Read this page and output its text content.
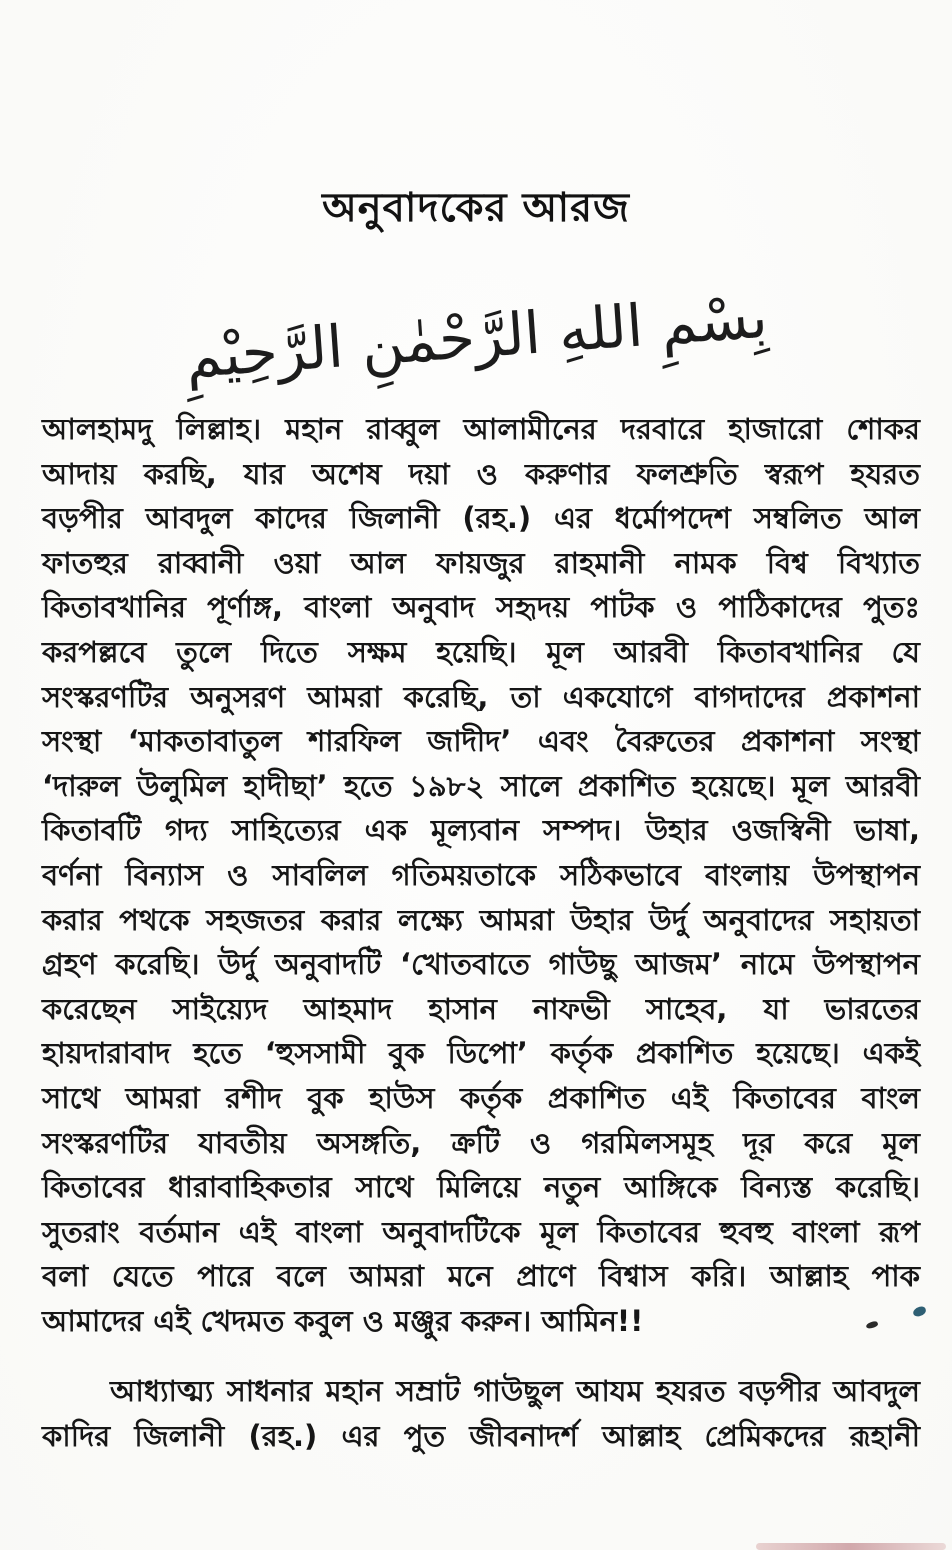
অনুবাদকের আরজ
بِسْمِ اللهِ الرَّحْمٰنِ الرَّحِيْمِ
আলহামদু লিল্লাহ। মহান রাব্বুল আলামীনের দরবারে হাজারো শোকর
আদায় করছি, যার অশেষ দয়া ও করুণার ফলশ্রুতি স্বরূপ হযরত
বড়পীর আবদুল কাদের জিলানী (রহ.) এর ধর্মোপদেশ সম্বলিত আল
ফাতহুর রাব্বানী ওয়া আল ফায়জুর রাহমানী নামক বিশ্ব বিখ্যাত
কিতাবখানির পূর্ণাঙ্গ, বাংলা অনুবাদ সহৃদয় পাটক ও পাঠিকাদের পুতঃ
করপল্লবে তুলে দিতে সক্ষম হয়েছি। মূল আরবী কিতাবখানির যে
সংস্করণটির অনুসরণ আমরা করেছি, তা একযোগে বাগদাদের প্রকাশনা
সংস্থা ‘মাকতাবাতুল শারফিল জাদীদ’ এবং বৈরুতের প্রকাশনা সংস্থা
‘দারুল উলুমিল হাদীছা’ হতে ১৯৮২ সালে প্রকাশিত হয়েছে। মূল আরবী
কিতাবটি গদ্য সাহিত্যের এক মূল্যবান সম্পদ। উহার ওজস্বিনী ভাষা,
বর্ণনা বিন্যাস ও সাবলিল গতিময়তাকে সঠিকভাবে বাংলায় উপস্থাপন
করার পথকে সহজতর করার লক্ষ্যে আমরা উহার উর্দু অনুবাদের সহায়তা
গ্রহণ করেছি। উর্দু অনুবাদটি ‘খোতবাতে গাউছু আজম’ নামে উপস্থাপন
করেছেন সাইয়্যেদ আহমাদ হাসান নাফভী সাহেব, যা ভারতের
হায়দারাবাদ হতে ‘হুসসামী বুক ডিপো’ কর্তৃক প্রকাশিত হয়েছে। একই
সাথে আমরা রশীদ বুক হাউস কর্তৃক প্রকাশিত এই কিতাবের বাংল
সংস্করণটির যাবতীয় অসঙ্গতি, ক্রটি ও গরমিলসমূহ দূর করে মূল
কিতাবের ধারাবাহিকতার সাথে মিলিয়ে নতুন আঙ্গিকে বিন্যস্ত করেছি।
সুতরাং বর্তমান এই বাংলা অনুবাদটিকে মূল কিতাবের হুবহু বাংলা রূপ
বলা যেতে পারে বলে আমরা মনে প্রাণে বিশ্বাস করি। আল্লাহ পাক
আমাদের এই খেদমত কবুল ও মঞ্জুর করুন। আমিন!!
আধ্যাত্ম্য সাধনার মহান সম্রাট গাউছুল আযম হযরত বড়পীর আবদুল
কাদির জিলানী (রহ.) এর পুত জীবনাদর্শ আল্লাহ প্রেমিকদের রূহানী
